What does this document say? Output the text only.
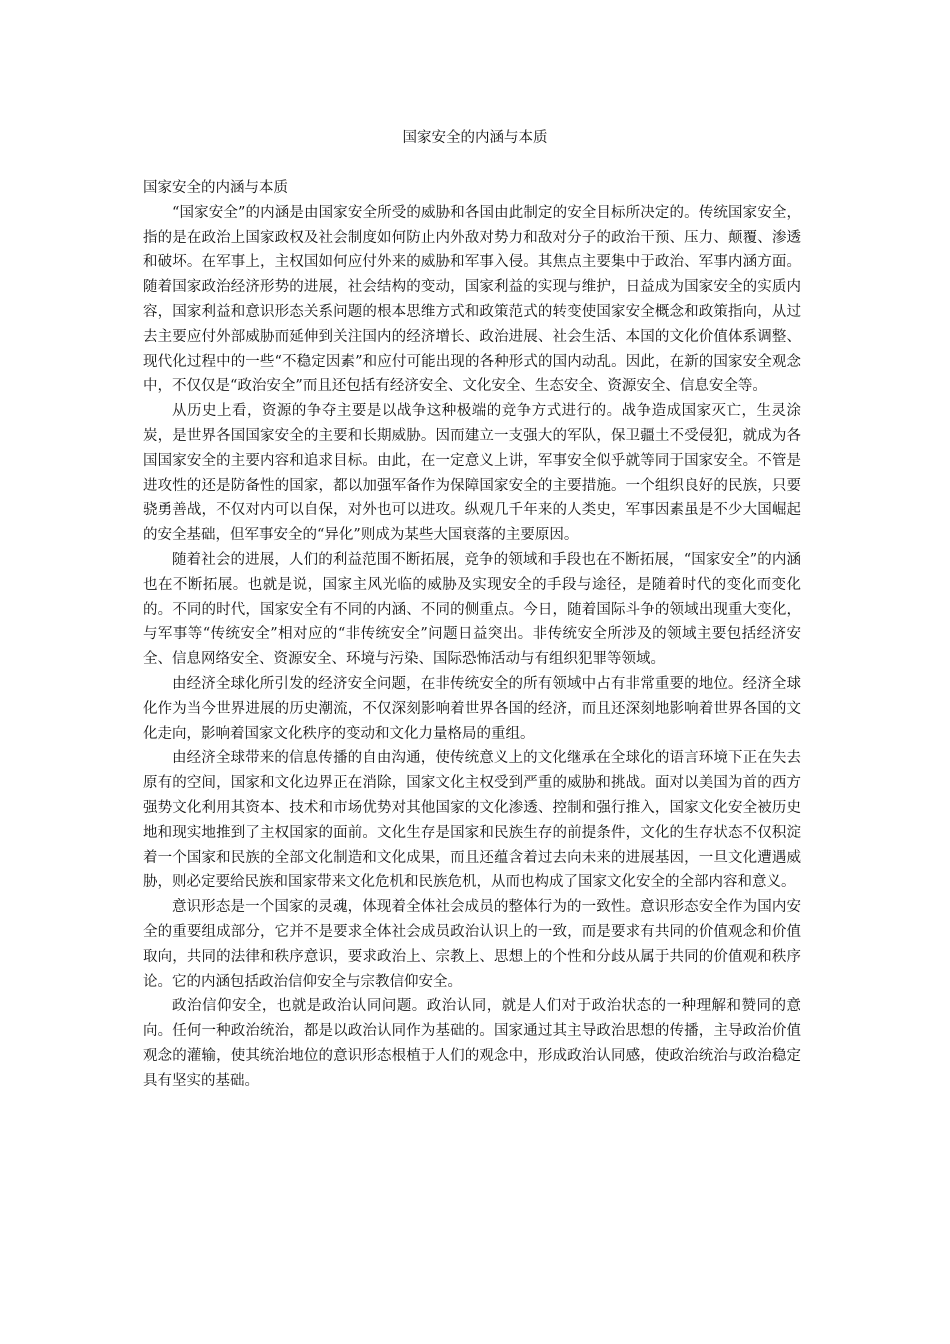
国家安全的内涵与本质

国家安全的内涵与本质

“国家安全”的内涵是由国家安全所受的威胁和各国由此制定的安全目标所决定的。传统国家安全，指的是在政治上国家政权及社会制度如何防止内外敌对势力和敌对分子的政治干预、压力、颠覆、渗透和破坏。在军事上，主权国如何应付外来的威胁和军事入侵。其焦点主要集中于政治、军事内涵方面。随着国家政治经济形势的进展，社会结构的变动，国家利益的实现与维护，日益成为国家安全的实质内容，国家利益和意识形态关系问题的根本思维方式和政策范式的转变使国家安全概念和政策指向，从过去主要应付外部威胁而延伸到关注国内的经济增长、政治进展、社会生活、本国的文化价值体系调整、现代化过程中的一些“不稳定因素”和应付可能出现的各种形式的国内动乱。因此，在新的国家安全观念中，不仅仅是“政治安全”而且还包括有经济安全、文化安全、生态安全、资源安全、信息安全等。

从历史上看，资源的争夺主要是以战争这种极端的竞争方式进行的。战争造成国家灭亡，生灵涂炭，是世界各国国家安全的主要和长期威胁。因而建立一支强大的军队，保卫疆土不受侵犯，就成为各国国家安全的主要内容和追求目标。由此，在一定意义上讲，军事安全似乎就等同于国家安全。不管是进攻性的还是防备性的国家，都以加强军备作为保障国家安全的主要措施。一个组织良好的民族，只要骁勇善战，不仅对内可以自保，对外也可以进攻。纵观几千年来的人类史，军事因素虽是不少大国崛起的安全基础，但军事安全的“异化”则成为某些大国衰落的主要原因。

随着社会的进展，人们的利益范围不断拓展，竞争的领域和手段也在不断拓展，“国家安全”的内涵也在不断拓展。也就是说，国家主风光临的威胁及实现安全的手段与途径，是随着时代的变化而变化的。不同的时代，国家安全有不同的内涵、不同的侧重点。今日，随着国际斗争的领域出现重大变化，与军事等“传统安全”相对应的“非传统安全”问题日益突出。非传统安全所涉及的领域主要包括经济安全、信息网络安全、资源安全、环境与污染、国际恐怖活动与有组织犯罪等领域。

由经济全球化所引发的经济安全问题，在非传统安全的所有领域中占有非常重要的地位。经济全球化作为当今世界进展的历史潮流，不仅深刻影响着世界各国的经济，而且还深刻地影响着世界各国的文化走向，影响着国家文化秩序的变动和文化力量格局的重组。

由经济全球带来的信息传播的自由沟通，使传统意义上的文化继承在全球化的语言环境下正在失去原有的空间，国家和文化边界正在消除，国家文化主权受到严重的威胁和挑战。面对以美国为首的西方强势文化利用其资本、技术和市场优势对其他国家的文化渗透、控制和强行推入，国家文化安全被历史地和现实地推到了主权国家的面前。文化生存是国家和民族生存的前提条件，文化的生存状态不仅积淀着一个国家和民族的全部文化制造和文化成果，而且还蕴含着过去向未来的进展基因，一旦文化遭遇威胁，则必定要给民族和国家带来文化危机和民族危机，从而也构成了国家文化安全的全部内容和意义。

意识形态是一个国家的灵魂，体现着全体社会成员的整体行为的一致性。意识形态安全作为国内安全的重要组成部分，它并不是要求全体社会成员政治认识上的一致，而是要求有共同的价值观念和价值取向，共同的法律和秩序意识，要求政治上、宗教上、思想上的个性和分歧从属于共同的价值观和秩序论。它的内涵包括政治信仰安全与宗教信仰安全。

政治信仰安全，也就是政治认同问题。政治认同，就是人们对于政治状态的一种理解和赞同的意向。任何一种政治统治，都是以政治认同作为基础的。国家通过其主导政治思想的传播，主导政治价值观念的灌输，使其统治地位的意识形态根植于人们的观念中，形成政治认同感，使政治统治与政治稳定具有坚实的基础。
